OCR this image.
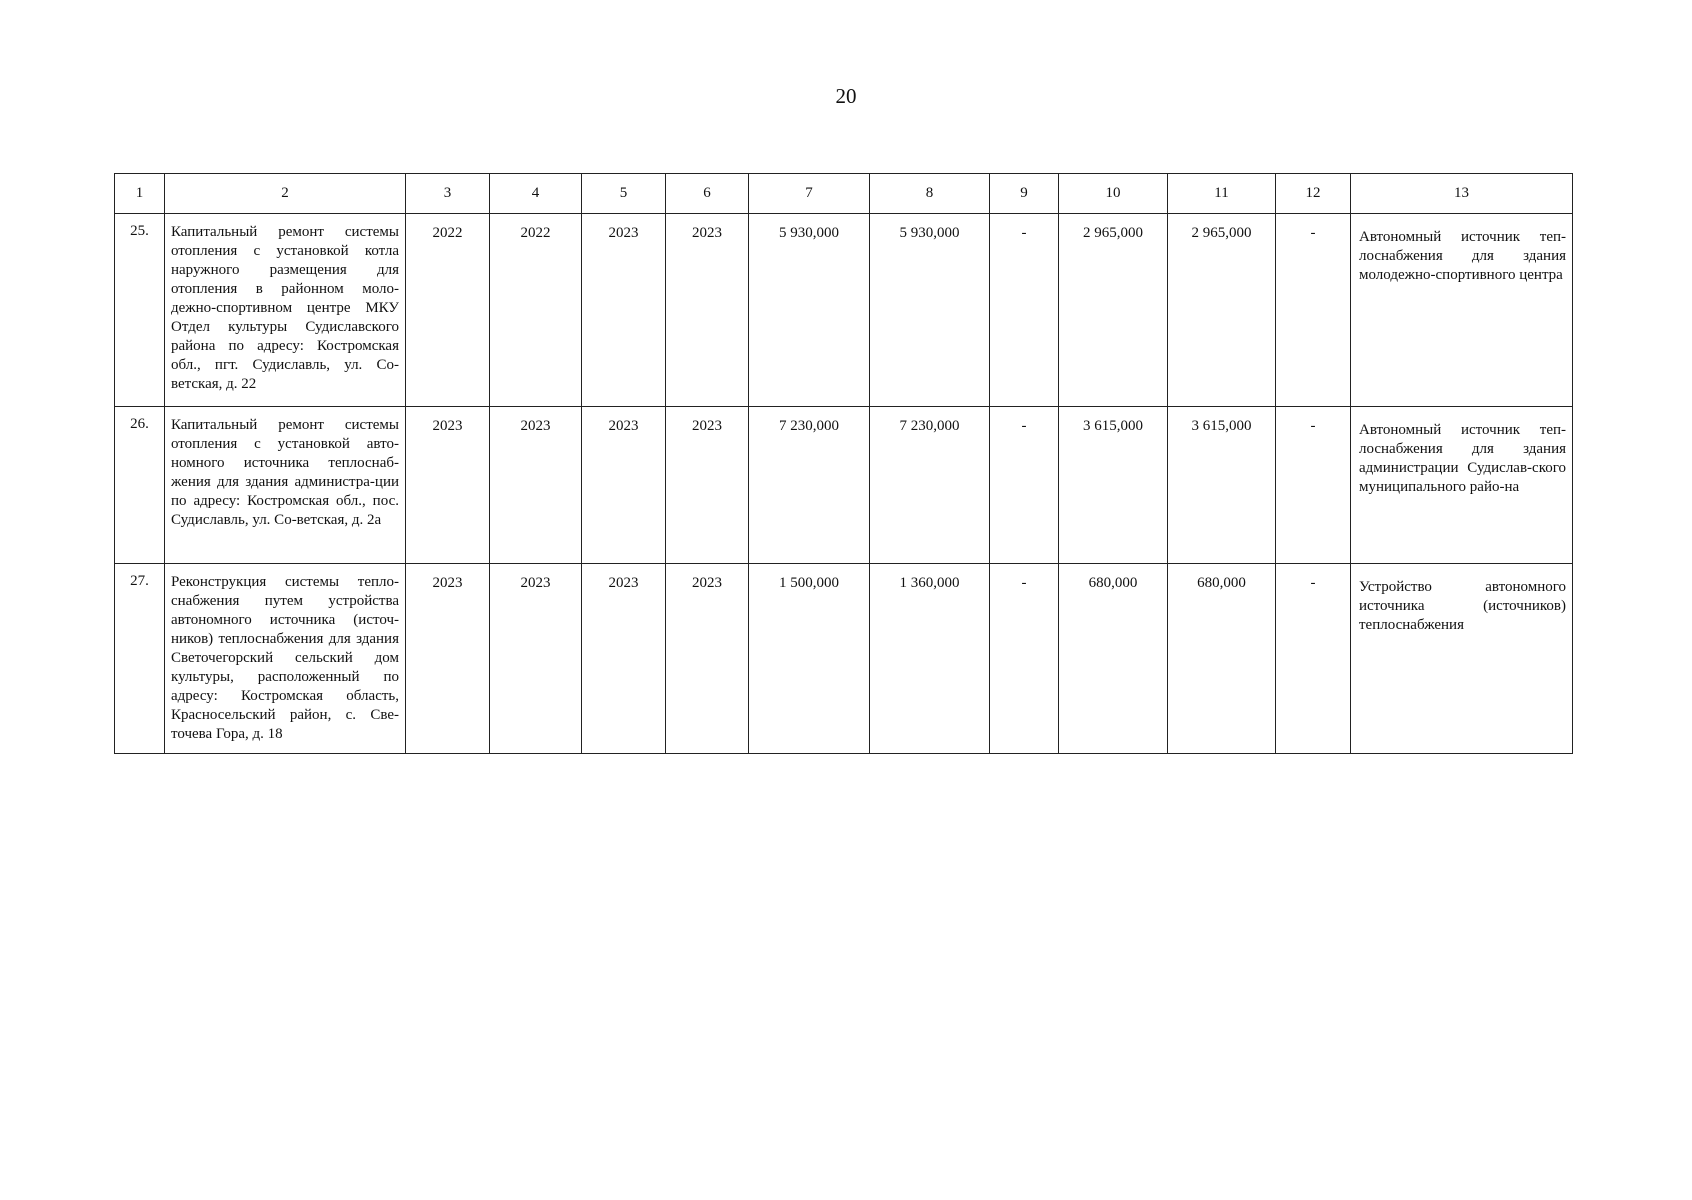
20
1	2	3	4	5	6	7	8	9	10	11	12	13
25.	Капитальный ремонт системы отопления с установкой котла наружного размещения для отопления в районном моло-дежно-спортивном центре МКУ Отдел культуры Судиславского района по адресу: Костромская обл., пгт. Судиславль, ул. Со-ветская, д. 22	2022	2022	2023	2023	5 930,000	5 930,000	-	2 965,000	2 965,000	-	Автономный источник теп-лоснабжения для здания молодежно-спортивного центра
26.	Капитальный ремонт системы отопления с установкой авто-номного источника теплоснаб-жения для здания администра-ции по адресу: Костромская обл., пос. Судиславль, ул. Со-ветская, д. 2а	2023	2023	2023	2023	7 230,000	7 230,000	-	3 615,000	3 615,000	-	Автономный источник теп-лоснабжения для здания администрации Судислав-ского муниципального райо-на
27.	Реконструкция системы тепло-снабжения путем устройства автономного источника (источ-ников) теплоснабжения для здания Светочегорский сельский дом культуры, расположенный по адресу: Костромская область, Красносельский район, с. Све-точева Гора, д. 18	2023	2023	2023	2023	1 500,000	1 360,000	-	680,000	680,000	-	Устройство автономного источника (источников) теплоснабжения
